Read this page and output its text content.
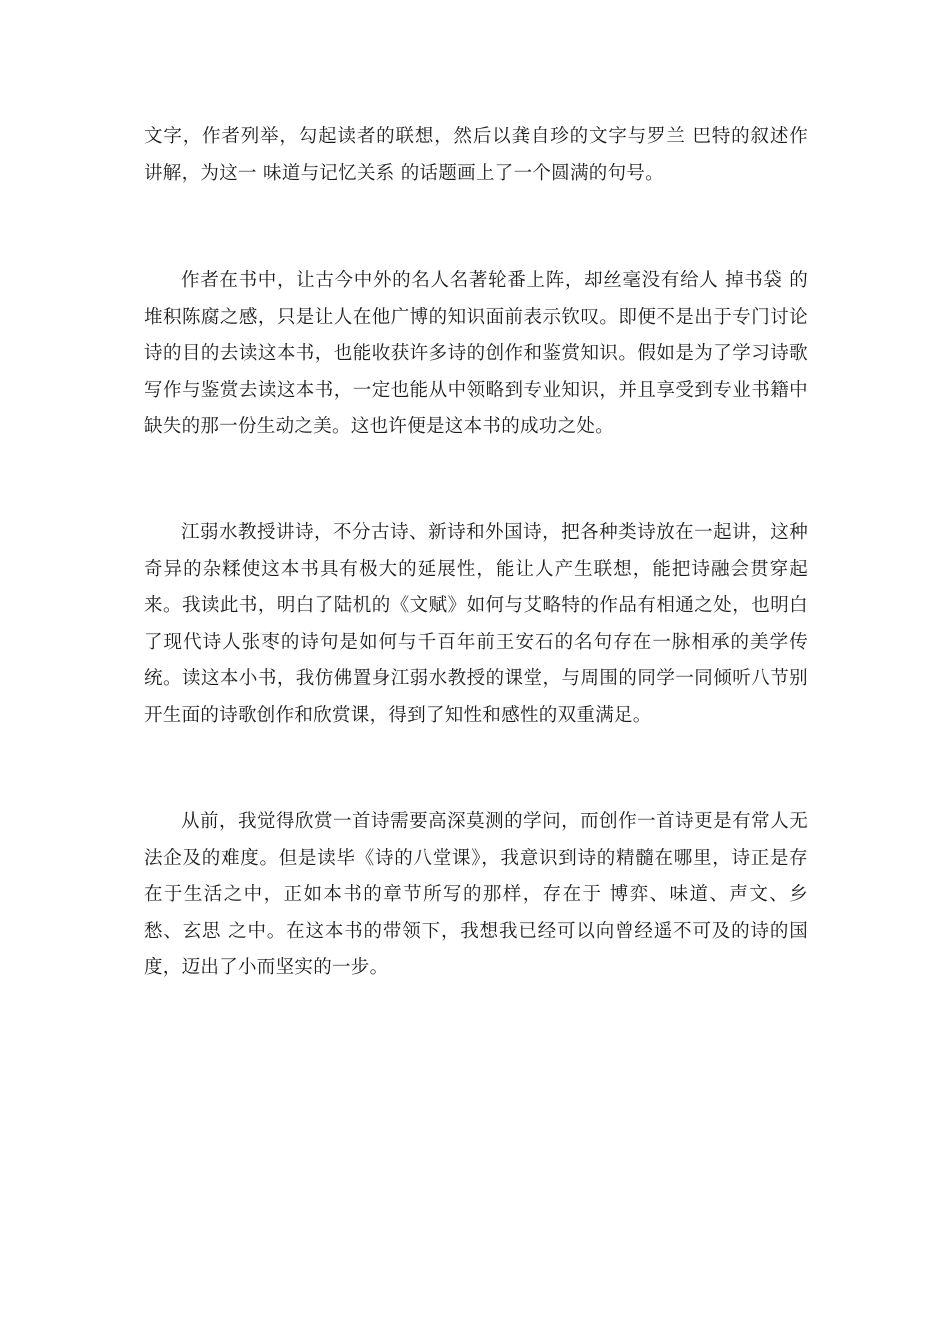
文字，作者列举，勾起读者的联想，然后以龚自珍的文字与罗兰 巴特的叙述作讲解，为这一 味道与记忆关系 的话题画上了一个圆满的句号。

作者在书中，让古今中外的名人名著轮番上阵，却丝毫没有给人 掉书袋 的堆积陈腐之感，只是让人在他广博的知识面前表示钦叹。即便不是出于专门讨论诗的目的去读这本书，也能收获许多诗的创作和鉴赏知识。假如是为了学习诗歌写作与鉴赏去读这本书，一定也能从中领略到专业知识，并且享受到专业书籍中缺失的那一份生动之美。这也许便是这本书的成功之处。

江弱水教授讲诗，不分古诗、新诗和外国诗，把各种类诗放在一起讲，这种奇异的杂糅使这本书具有极大的延展性，能让人产生联想，能把诗融会贯穿起来。我读此书，明白了陆机的《文赋》如何与艾略特的作品有相通之处，也明白了现代诗人张枣的诗句是如何与千百年前王安石的名句存在一脉相承的美学传统。读这本小书，我仿佛置身江弱水教授的课堂，与周围的同学一同倾听八节别开生面的诗歌创作和欣赏课，得到了知性和感性的双重满足。

从前，我觉得欣赏一首诗需要高深莫测的学问，而创作一首诗更是有常人无法企及的难度。但是读毕《诗的八堂课》，我意识到诗的精髓在哪里，诗正是存在于生活之中，正如本书的章节所写的那样，存在于 博弈、味道、声文、乡愁、玄思 之中。在这本书的带领下，我想我已经可以向曾经遥不可及的诗的国度，迈出了小而坚实的一步。
